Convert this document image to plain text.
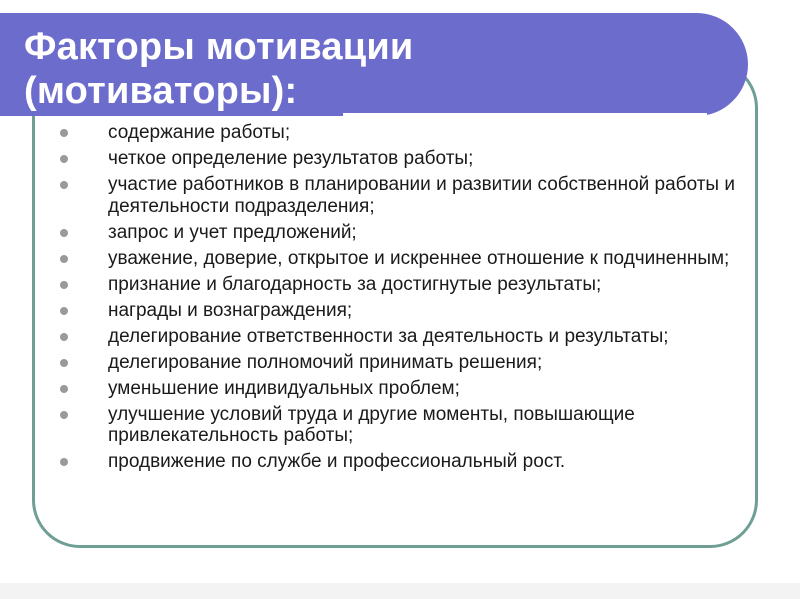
Факторы мотивации
(мотиваторы):
содержание работы;
четкое определение результатов работы;
участие работников в планировании и развитии собственной работы и деятельности подразделения;
запрос и учет предложений;
уважение, доверие, открытое и искреннее отношение к подчиненным;
признание и благодарность за достигнутые результаты;
награды и вознаграждения;
делегирование ответственности за деятельность и результаты;
делегирование полномочий принимать решения;
уменьшение индивидуальных проблем;
улучшение условий труда и другие моменты, повышающие привлекательность работы;
продвижение по службе и профессиональный рост.
